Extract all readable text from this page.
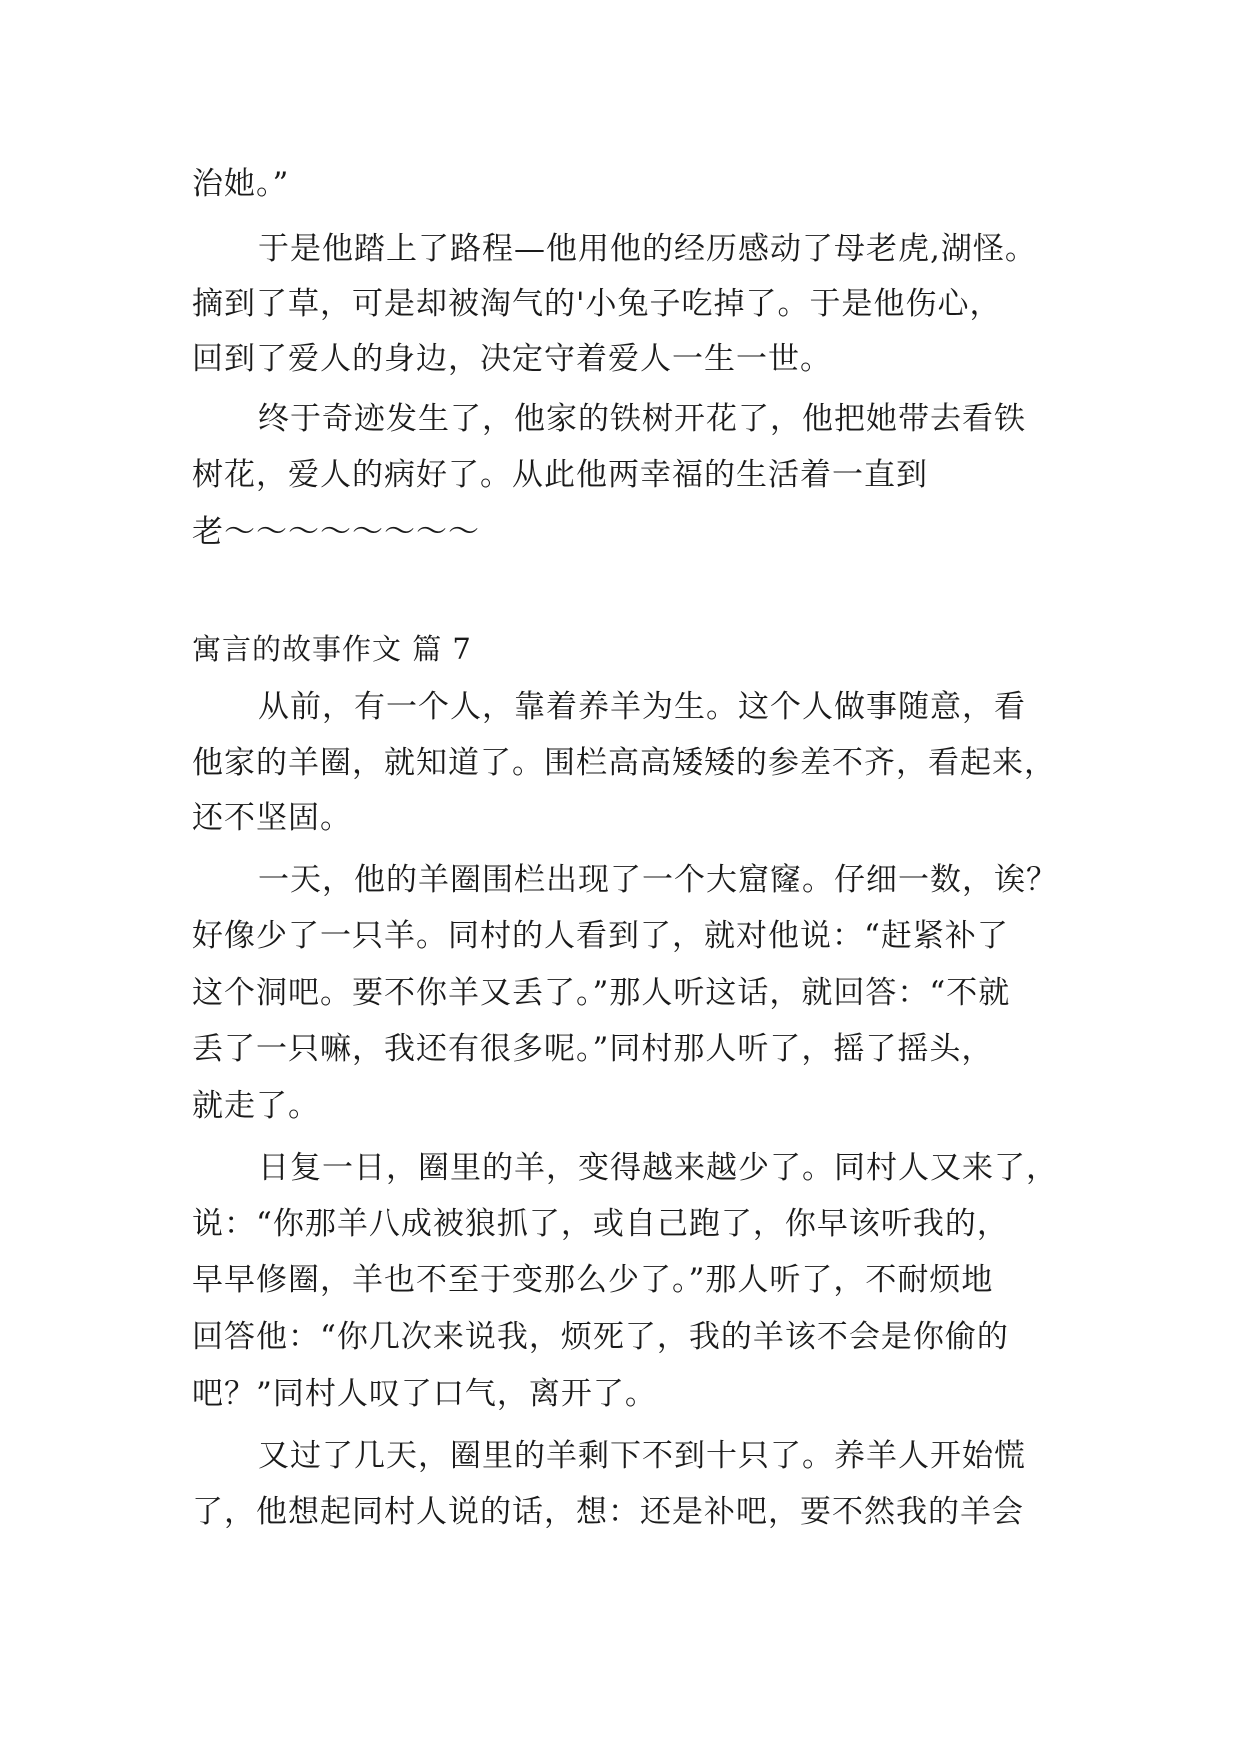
治她。”
于是他踏上了路程—他用他的经历感动了母老虎,湖怪。
摘到了草，可是却被淘气的'小兔子吃掉了。于是他伤心，
回到了爱人的身边，决定守着爱人一生一世。
终于奇迹发生了，他家的铁树开花了，他把她带去看铁
树花，爱人的病好了。从此他两幸福的生活着一直到
老～～～～～～～～
寓言的故事作文 篇 7
从前，有一个人，靠着养羊为生。这个人做事随意，看
他家的羊圈，就知道了。围栏高高矮矮的参差不齐，看起来，
还不坚固。
一天，他的羊圈围栏出现了一个大窟窿。仔细一数，诶？
好像少了一只羊。同村的人看到了，就对他说：“赶紧补了
这个洞吧。要不你羊又丢了。”那人听这话，就回答：“不就
丢了一只嘛，我还有很多呢。”同村那人听了，摇了摇头，
就走了。
日复一日，圈里的羊，变得越来越少了。同村人又来了，
说：“你那羊八成被狼抓了，或自己跑了，你早该听我的，
早早修圈，羊也不至于变那么少了。”那人听了，不耐烦地
回答他：“你几次来说我，烦死了，我的羊该不会是你偷的
吧？”同村人叹了口气，离开了。
又过了几天，圈里的羊剩下不到十只了。养羊人开始慌
了，他想起同村人说的话，想：还是补吧，要不然我的羊会
